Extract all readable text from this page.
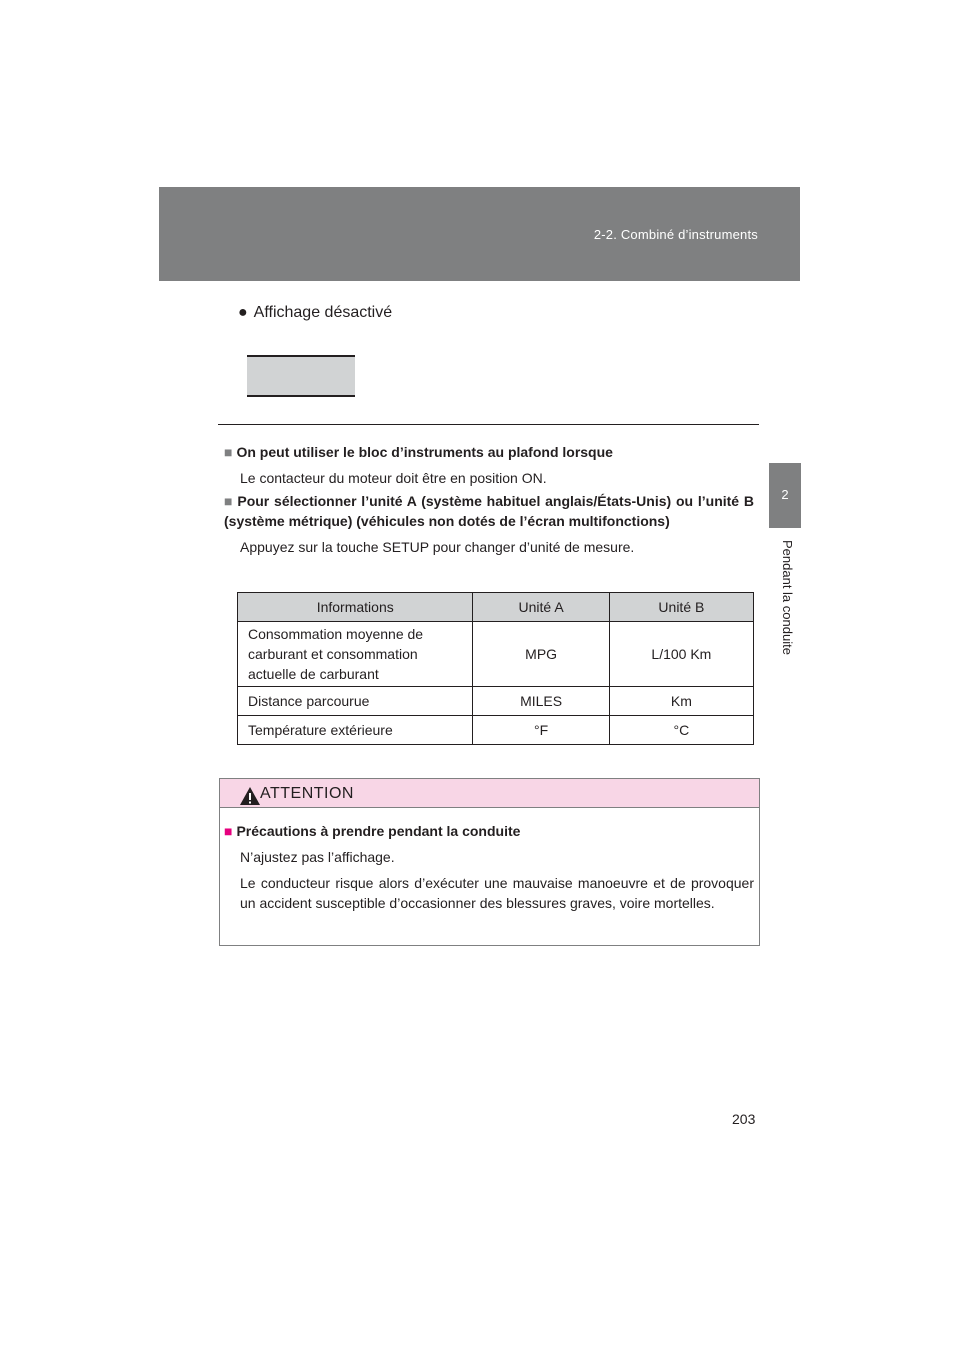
2-2. Combiné d’instruments
2
Pendant la conduite
● Affichage désactivé
■ On peut utiliser le bloc d’instruments au plafond lorsque
Le contacteur du moteur doit être en position ON.
■ Pour sélectionner l’unité A (système habituel anglais/États-Unis) ou l’unité B (système métrique) (véhicules non dotés de l’écran multifonctions)
Appuyez sur la touche SETUP pour changer d’unité de mesure.
Informations	Unité A	Unité B
Consommation moyenne de carburant et consommation actuelle de carburant	MPG	L/100 Km
Distance parcourue	MILES	Km
Température extérieure	°F	°C
ATTENTION
■ Précautions à prendre pendant la conduite
N’ajustez pas l’affichage.
Le conducteur risque alors d’exécuter une mauvaise manoeuvre et de provoquer un accident susceptible d’occasionner des blessures graves, voire mortelles.
203
